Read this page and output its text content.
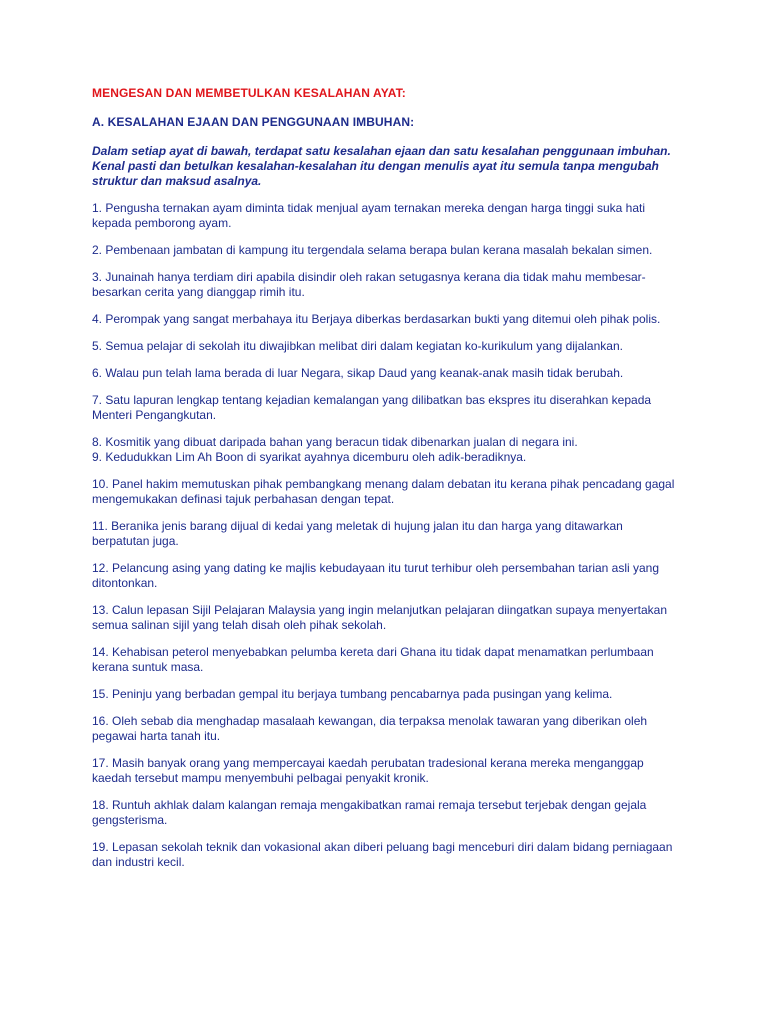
MENGESAN DAN MEMBETULKAN KESALAHAN AYAT:
A. KESALAHAN EJAAN DAN PENGGUNAAN IMBUHAN:
Dalam setiap ayat di bawah, terdapat satu kesalahan ejaan dan satu kesalahan penggunaan imbuhan. Kenal pasti dan betulkan kesalahan-kesalahan itu dengan menulis ayat itu semula tanpa mengubah struktur dan maksud asalnya.
1. Pengusha ternakan ayam diminta tidak menjual ayam ternakan mereka dengan harga tinggi suka hati kepada pemborong ayam.
2. Pembenaan jambatan di kampung itu tergendala selama berapa bulan kerana masalah bekalan simen.
3. Junainah hanya terdiam diri apabila disindir oleh rakan setugasnya kerana dia tidak mahu membesar-besarkan cerita yang dianggap rimih itu.
4. Perompak yang sangat merbahaya itu Berjaya diberkas berdasarkan bukti yang ditemui oleh pihak polis.
5. Semua pelajar di sekolah itu diwajibkan melibat diri dalam kegiatan ko-kurikulum yang dijalankan.
6. Walau pun telah lama berada di luar Negara, sikap Daud yang keanak-anak masih tidak berubah.
7. Satu lapuran lengkap tentang kejadian kemalangan yang dilibatkan bas ekspres itu diserahkan kepada Menteri Pengangkutan.
8. Kosmitik yang dibuat daripada bahan yang beracun tidak dibenarkan jualan di negara ini.
9. Kedudukkan Lim Ah Boon di syarikat ayahnya dicemburu oleh adik-beradiknya.
10. Panel hakim memutuskan pihak pembangkang menang dalam debatan itu kerana pihak pencadang gagal mengemukakan definasi tajuk perbahasan dengan tepat.
11. Beranika jenis barang dijual di kedai yang meletak di hujung jalan itu dan harga yang ditawarkan berpatutan juga.
12. Pelancung asing yang dating ke majlis kebudayaan itu turut terhibur oleh persembahan tarian asli yang ditontonkan.
13. Calun lepasan Sijil Pelajaran Malaysia yang ingin melanjutkan pelajaran diingatkan supaya menyertakan semua salinan sijil yang telah disah oleh pihak sekolah.
14. Kehabisan peterol menyebabkan pelumba kereta dari Ghana itu tidak dapat menamatkan perlumbaan kerana suntuk masa.
15. Peninju yang berbadan gempal itu berjaya tumbang pencabarnya pada pusingan yang kelima.
16. Oleh sebab dia menghadap masalaah kewangan, dia terpaksa menolak tawaran yang diberikan oleh pegawai harta tanah itu.
17. Masih banyak orang yang mempercayai kaedah perubatan tradesional kerana mereka menganggap kaedah tersebut mampu menyembuhi pelbagai penyakit kronik.
18. Runtuh akhlak dalam kalangan remaja mengakibatkan ramai remaja tersebut terjebak dengan gejala gengsterisma.
19. Lepasan sekolah teknik dan vokasional akan diberi peluang bagi menceburi diri dalam bidang perniagaan dan industri kecil.
